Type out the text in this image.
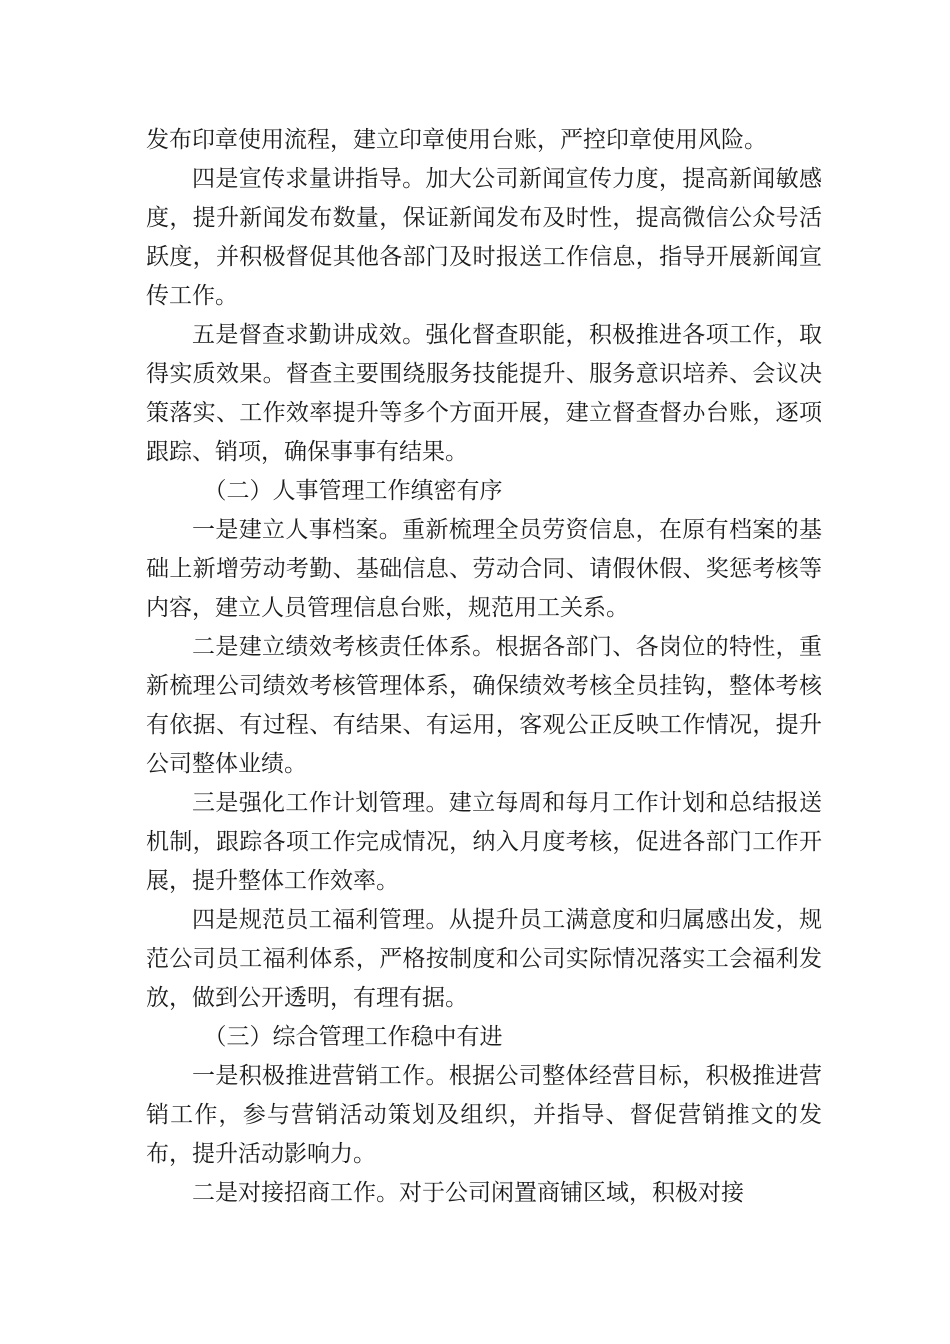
发布印章使用流程，建立印章使用台账，严控印章使用风险。

四是宣传求量讲指导。加大公司新闻宣传力度，提高新闻敏感度，提升新闻发布数量，保证新闻发布及时性，提高微信公众号活跃度，并积极督促其他各部门及时报送工作信息，指导开展新闻宣传工作。

五是督查求勤讲成效。强化督查职能，积极推进各项工作，取得实质效果。督查主要围绕服务技能提升、服务意识培养、会议决策落实、工作效率提升等多个方面开展，建立督查督办台账，逐项跟踪、销项，确保事事有结果。

（二）人事管理工作缜密有序

一是建立人事档案。重新梳理全员劳资信息，在原有档案的基础上新增劳动考勤、基础信息、劳动合同、请假休假、奖惩考核等内容，建立人员管理信息台账，规范用工关系。

二是建立绩效考核责任体系。根据各部门、各岗位的特性，重新梳理公司绩效考核管理体系，确保绩效考核全员挂钩，整体考核有依据、有过程、有结果、有运用，客观公正反映工作情况，提升公司整体业绩。

三是强化工作计划管理。建立每周和每月工作计划和总结报送机制，跟踪各项工作完成情况，纳入月度考核，促进各部门工作开展，提升整体工作效率。

四是规范员工福利管理。从提升员工满意度和归属感出发，规范公司员工福利体系，严格按制度和公司实际情况落实工会福利发放，做到公开透明，有理有据。

（三）综合管理工作稳中有进

一是积极推进营销工作。根据公司整体经营目标，积极推进营销工作，参与营销活动策划及组织，并指导、督促营销推文的发布，提升活动影响力。

二是对接招商工作。对于公司闲置商铺区域，积极对接
